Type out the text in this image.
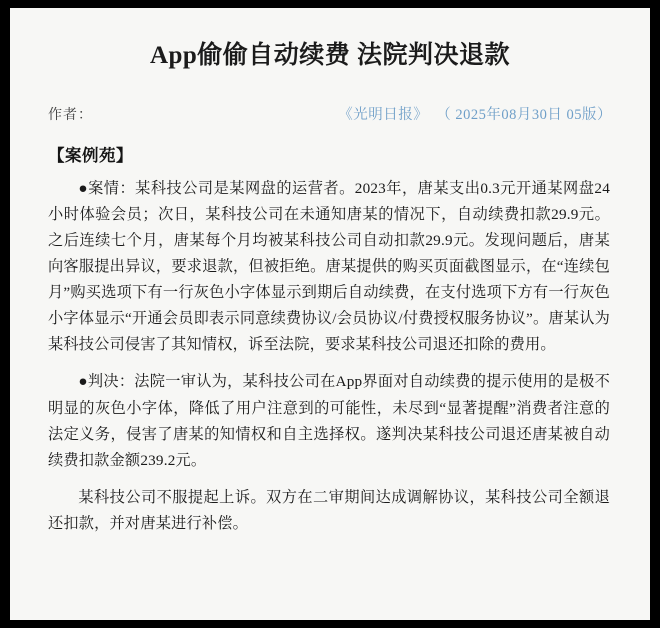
App偷偷自动续费 法院判决退款
作者：	《光明日报》 （ 2025年08月30日 05版）
【案例苑】

●案情：某科技公司是某网盘的运营者。2023年，唐某支出0.3元开通某网盘24小时体验会员；次日，某科技公司在未通知唐某的情况下，自动续费扣款29.9元。之后连续七个月，唐某每个月均被某科技公司自动扣款29.9元。发现问题后，唐某向客服提出异议，要求退款，但被拒绝。唐某提供的购买页面截图显示，在“连续包月”购买选项下有一行灰色小字体显示到期后自动续费，在支付选项下方有一行灰色小字体显示“开通会员即表示同意续费协议/会员协议/付费授权服务协议”。唐某认为某科技公司侵害了其知情权，诉至法院，要求某科技公司退还扣除的费用。

●判决：法院一审认为，某科技公司在App界面对自动续费的提示使用的是极不明显的灰色小字体，降低了用户注意到的可能性，未尽到“显著提醒”消费者注意的法定义务，侵害了唐某的知情权和自主选择权。遂判决某科技公司退还唐某被自动续费扣款金额239.2元。

某科技公司不服提起上诉。双方在二审期间达成调解协议，某科技公司全额退还扣款，并对唐某进行补偿。
